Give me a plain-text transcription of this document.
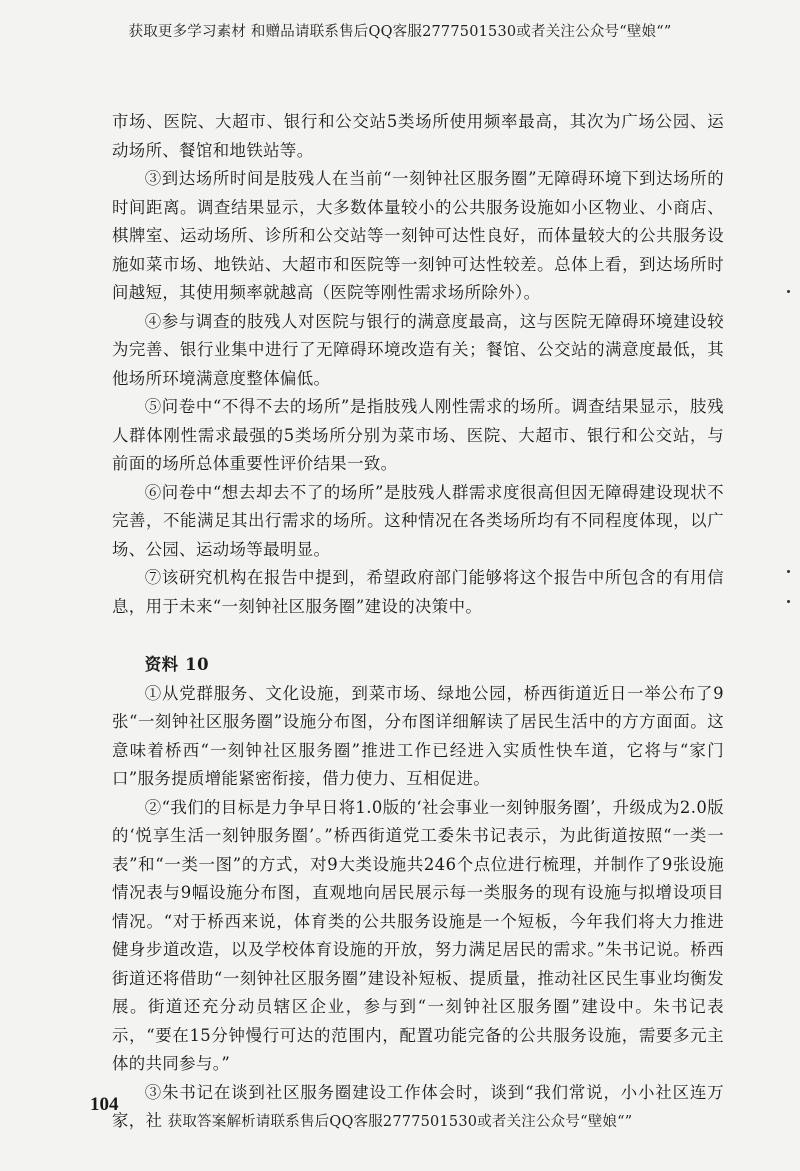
获取更多学习素材 和赠品请联系售后QQ客服2777501530或者关注公众号“壁娘“”

市场、医院、大超市、银行和公交站5类场所使用频率最高，其次为广场公园、运动场所、餐馆和地铁站等。

③到达场所时间是肢残人在当前“一刻钟社区服务圈”无障碍环境下到达场所的时间距离。调查结果显示，大多数体量较小的公共服务设施如小区物业、小商店、棋牌室、运动场所、诊所和公交站等一刻钟可达性良好，而体量较大的公共服务设施如菜市场、地铁站、大超市和医院等一刻钟可达性较差。总体上看，到达场所时间越短，其使用频率就越高（医院等刚性需求场所除外）。

④参与调查的肢残人对医院与银行的满意度最高，这与医院无障碍环境建设较为完善、银行业集中进行了无障碍环境改造有关；餐馆、公交站的满意度最低，其他场所环境满意度整体偏低。

⑤问卷中“不得不去的场所”是指肢残人刚性需求的场所。调查结果显示，肢残人群体刚性需求最强的5类场所分别为菜市场、医院、大超市、银行和公交站，与前面的场所总体重要性评价结果一致。

⑥问卷中“想去却去不了的场所”是肢残人群需求度很高但因无障碍建设现状不完善，不能满足其出行需求的场所。这种情况在各类场所均有不同程度体现，以广场、公园、运动场等最明显。

⑦该研究机构在报告中提到，希望政府部门能够将这个报告中所包含的有用信息，用于未来“一刻钟社区服务圈”建设的决策中。

资料 10

①从党群服务、文化设施，到菜市场、绿地公园，桥西街道近日一举公布了9张“一刻钟社区服务圈”设施分布图，分布图详细解读了居民生活中的方方面面。这意味着桥西“一刻钟社区服务圈”推进工作已经进入实质性快车道，它将与“家门口”服务提质增能紧密衔接，借力使力、互相促进。

②“我们的目标是力争早日将1.0版的‘社会事业一刻钟服务圈’，升级成为2.0版的‘悦享生活一刻钟服务圈’。”桥西街道党工委朱书记表示，为此街道按照“一类一表”和“一类一图”的方式，对9大类设施共246个点位进行梳理，并制作了9张设施情况表与9幅设施分布图，直观地向居民展示每一类服务的现有设施与拟增设项目情况。“对于桥西来说，体育类的公共服务设施是一个短板，今年我们将大力推进健身步道改造，以及学校体育设施的开放，努力满足居民的需求。”朱书记说。桥西街道还将借助“一刻钟社区服务圈”建设补短板、提质量，推动社区民生事业均衡发展。街道还充分动员辖区企业，参与到“一刻钟社区服务圈”建设中。朱书记表示，“要在15分钟慢行可达的范围内，配置功能完备的公共服务设施，需要多元主体的共同参与。”

③朱书记在谈到社区服务圈建设工作体会时，谈到“我们常说，小小社区连万家，社

104
获取答案解析请联系售后QQ客服2777501530或者关注公众号“壁娘“”
